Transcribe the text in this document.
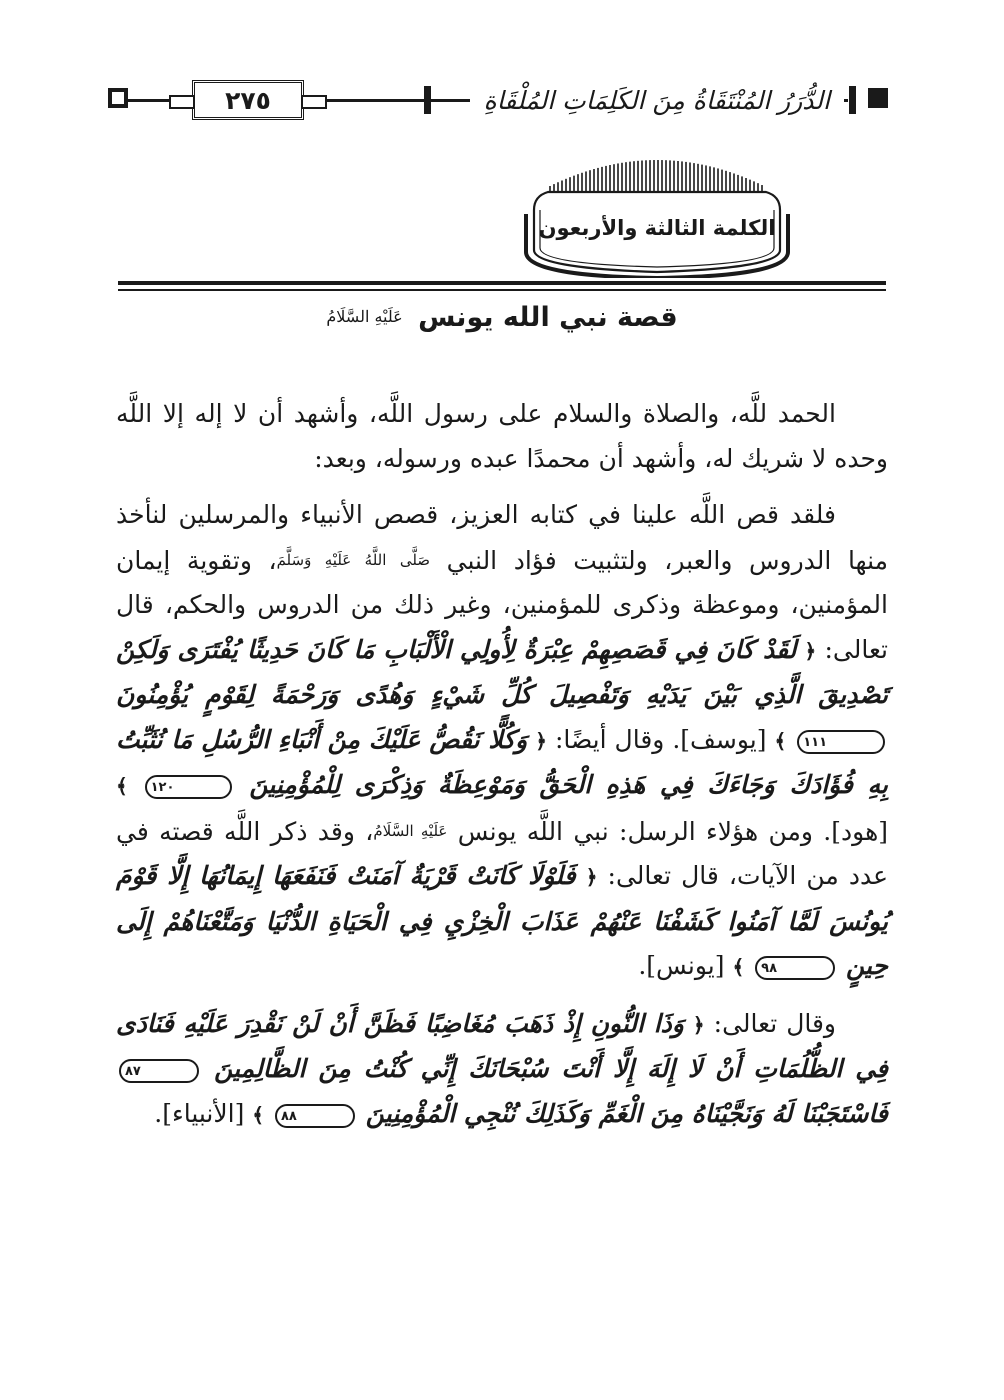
٢٧٥	الدُّرَرُ المُنْتَقَاةُ مِنَ الكَلِمَاتِ المُلْقَاةِ
الكلمة الثالثة والأربعون
قصة نبي الله يونس عَلَيْهِ السَّلَامُ

الحمد للَّه، والصلاة والسلام على رسول اللَّه، وأشهد أن لا إله إلا اللَّه وحده لا شريك له، وأشهد أن محمدًا عبده ورسوله، وبعد:

فلقد قص اللَّه علينا في كتابه العزيز، قصص الأنبياء والمرسلين لنأخذ منها الدروس والعبر، ولتثبيت فؤاد النبي صَلَّى اللَّهُ عَلَيْهِ وَسَلَّمَ، وتقوية إيمان المؤمنين، وموعظة وذكرى للمؤمنين، وغير ذلك من الدروس والحكم، قال تعالى: ﴿ لَقَدْ كَانَ فِي قَصَصِهِمْ عِبْرَةٌ لِأُولِي الْأَلْبَابِ مَا كَانَ حَدِيثًا يُفْتَرَى وَلَكِنْ تَصْدِيقَ الَّذِي بَيْنَ يَدَيْهِ وَتَفْصِيلَ كُلِّ شَيْءٍ وَهُدًى وَرَحْمَةً لِقَوْمٍ يُؤْمِنُونَ ١١١ ﴾ [يوسف]. وقال أيضًا: ﴿ وَكُلًّا نَقُصُّ عَلَيْكَ مِنْ أَنْبَاءِ الرُّسُلِ مَا نُثَبِّتُ بِهِ فُؤَادَكَ وَجَاءَكَ فِي هَذِهِ الْحَقُّ وَمَوْعِظَةٌ وَذِكْرَى لِلْمُؤْمِنِينَ ١٢٠ ﴾ [هود]. ومن هؤلاء الرسل: نبي اللَّه يونس عَلَيْهِ السَّلَامُ، وقد ذكر اللَّه قصته في عدد من الآيات، قال تعالى: ﴿ فَلَوْلَا كَانَتْ قَرْيَةٌ آمَنَتْ فَنَفَعَهَا إِيمَانُهَا إِلَّا قَوْمَ يُونُسَ لَمَّا آمَنُوا كَشَفْنَا عَنْهُمْ عَذَابَ الْخِزْيِ فِي الْحَيَاةِ الدُّنْيَا وَمَتَّعْنَاهُمْ إِلَى حِينٍ ٩٨ ﴾ [يونس].

وقال تعالى: ﴿ وَذَا النُّونِ إِذْ ذَهَبَ مُغَاضِبًا فَظَنَّ أَنْ لَنْ نَقْدِرَ عَلَيْهِ فَنَادَى فِي الظُّلُمَاتِ أَنْ لَا إِلَهَ إِلَّا أَنْتَ سُبْحَانَكَ إِنِّي كُنْتُ مِنَ الظَّالِمِينَ ٨٧ فَاسْتَجَبْنَا لَهُ وَنَجَّيْنَاهُ مِنَ الْغَمِّ وَكَذَلِكَ نُنْجِي الْمُؤْمِنِينَ ٨٨ ﴾ [الأنبياء].
